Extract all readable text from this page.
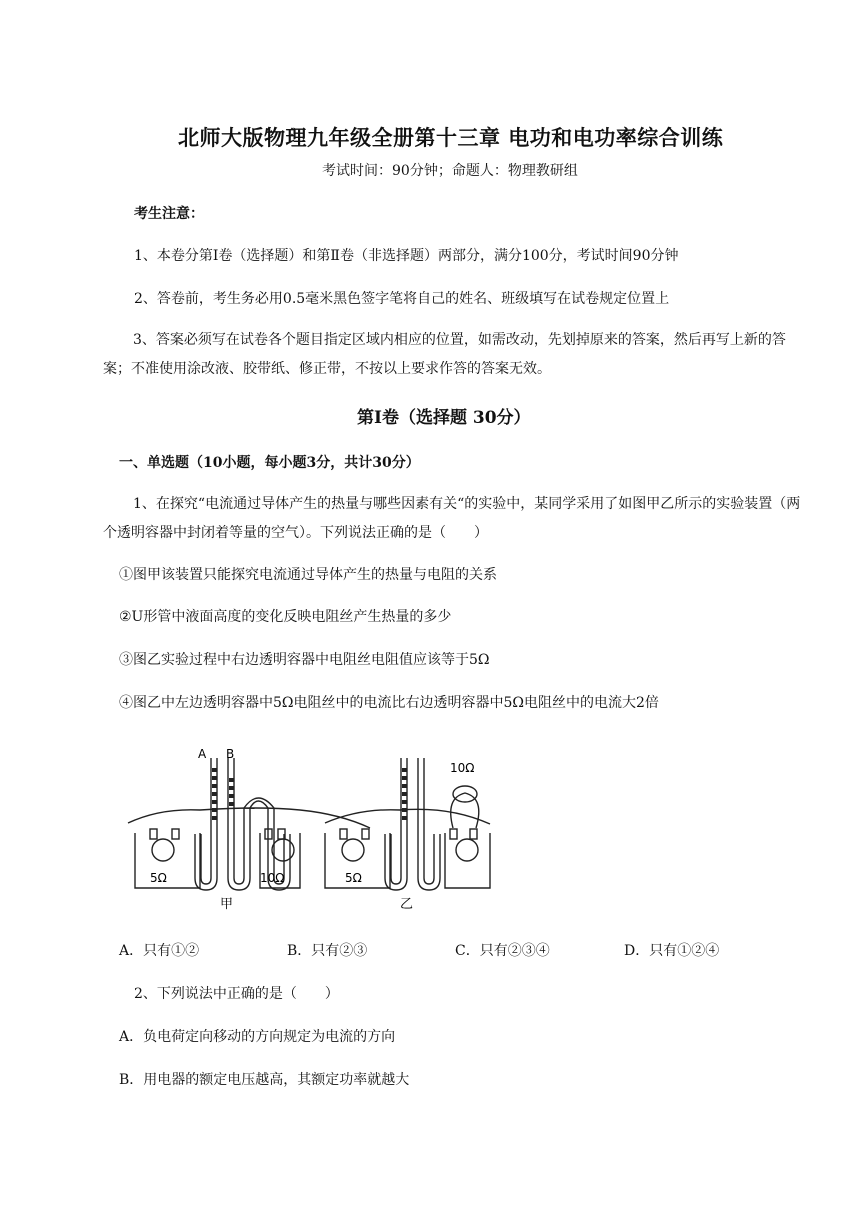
北师大版物理九年级全册第十三章 电功和电功率综合训练
考试时间：90分钟；命题人：物理教研组
考生注意：
1、本卷分第Ⅰ卷（选择题）和第Ⅱ卷（非选择题）两部分，满分100分，考试时间90分钟
2、答卷前，考生务必用0.5毫米黑色签字笔将自己的姓名、班级填写在试卷规定位置上
3、答案必须写在试卷各个题目指定区域内相应的位置，如需改动，先划掉原来的答案，然后再写上新的答案；不准使用涂改液、胶带纸、修正带，不按以上要求作答的答案无效。
第Ⅰ卷（选择题 30分）
一、单选题（10小题，每小题3分，共计30分）
1、在探究“电流通过导体产生的热量与哪些因素有关“的实验中，某同学采用了如图甲乙所示的实验装置（两个透明容器中封闭着等量的空气）。下列说法正确的是（　　）
①图甲该装置只能探究电流通过导体产生的热量与电阻的关系
②U形管中液面高度的变化反映电阻丝产生热量的多少
③图乙实验过程中右边透明容器中电阻丝电阻值应该等于5Ω
④图乙中左边透明容器中5Ω电阻丝中的电流比右边透明容器中5Ω电阻丝中的电流大2倍
A B
5Ω	10Ω
甲
5Ω
10Ω
乙
A．只有①②	B．只有②③	C．只有②③④	D．只有①②④
2、下列说法中正确的是（　　）
A．负电荷定向移动的方向规定为电流的方向
B．用电器的额定电压越高，其额定功率就越大
